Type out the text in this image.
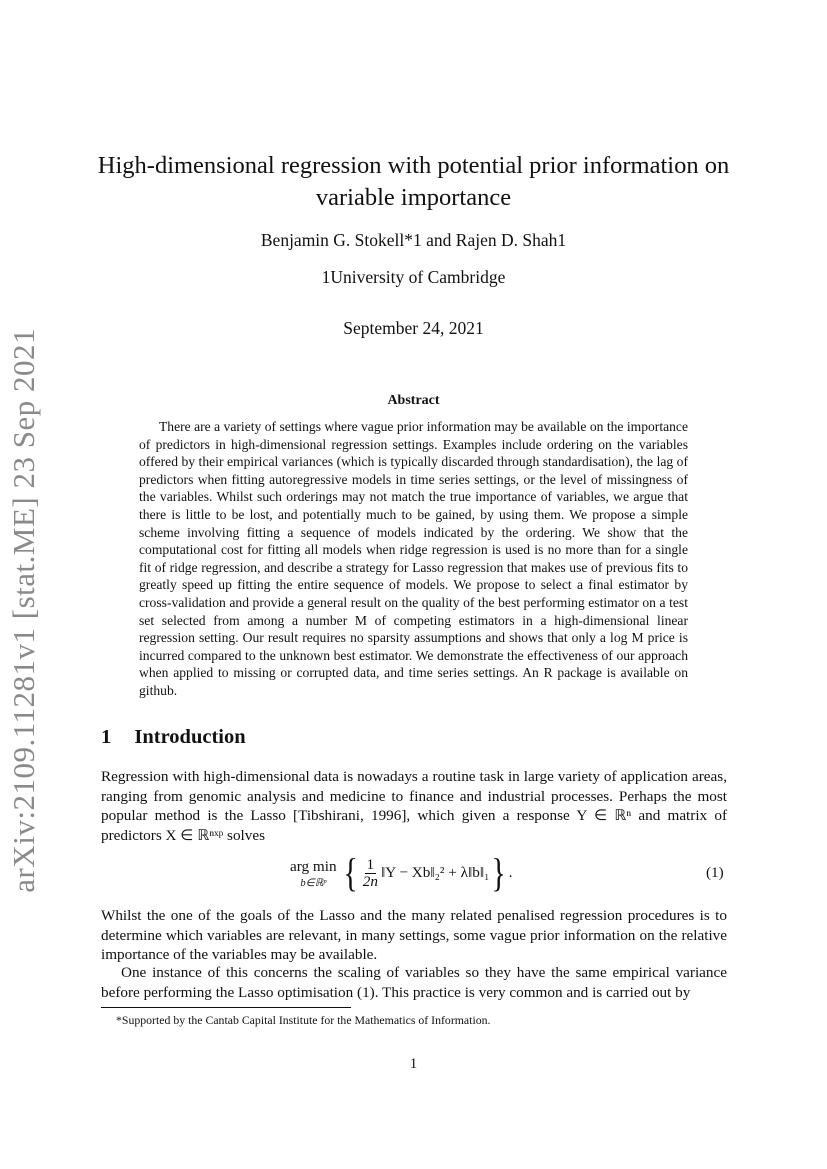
arXiv:2109.11281v1 [stat.ME] 23 Sep 2021
High-dimensional regression with potential prior information on variable importance
Benjamin G. Stokell*1 and Rajen D. Shah1
1University of Cambridge
September 24, 2021
Abstract
There are a variety of settings where vague prior information may be available on the importance of predictors in high-dimensional regression settings. Examples include ordering on the variables offered by their empirical variances (which is typically discarded through standardisation), the lag of predictors when fitting autoregressive models in time series settings, or the level of missingness of the variables. Whilst such orderings may not match the true importance of variables, we argue that there is little to be lost, and potentially much to be gained, by using them. We propose a simple scheme involving fitting a sequence of models indicated by the ordering. We show that the computational cost for fitting all models when ridge regression is used is no more than for a single fit of ridge regression, and describe a strategy for Lasso regression that makes use of previous fits to greatly speed up fitting the entire sequence of models. We propose to select a final estimator by cross-validation and provide a general result on the quality of the best performing estimator on a test set selected from among a number M of competing estimators in a high-dimensional linear regression setting. Our result requires no sparsity assumptions and shows that only a log M price is incurred compared to the unknown best estimator. We demonstrate the effectiveness of our approach when applied to missing or corrupted data, and time series settings. An R package is available on github.
1 Introduction
Regression with high-dimensional data is nowadays a routine task in large variety of application areas, ranging from genomic analysis and medicine to finance and industrial processes. Perhaps the most popular method is the Lasso [Tibshirani, 1996], which given a response Y ∈ ℝⁿ and matrix of predictors X ∈ ℝⁿˣᵖ solves
arg min
b∈ℝᵖ { $\frac{1}{2n}$ ‖Y − Xb‖₂² + λ‖b‖₁ } .	(1)
Whilst the one of the goals of the Lasso and the many related penalised regression procedures is to determine which variables are relevant, in many settings, some vague prior information on the relative importance of the variables may be available.
One instance of this concerns the scaling of variables so they have the same empirical variance before performing the Lasso optimisation (1). This practice is very common and is carried out by
*Supported by the Cantab Capital Institute for the Mathematics of Information.
1
